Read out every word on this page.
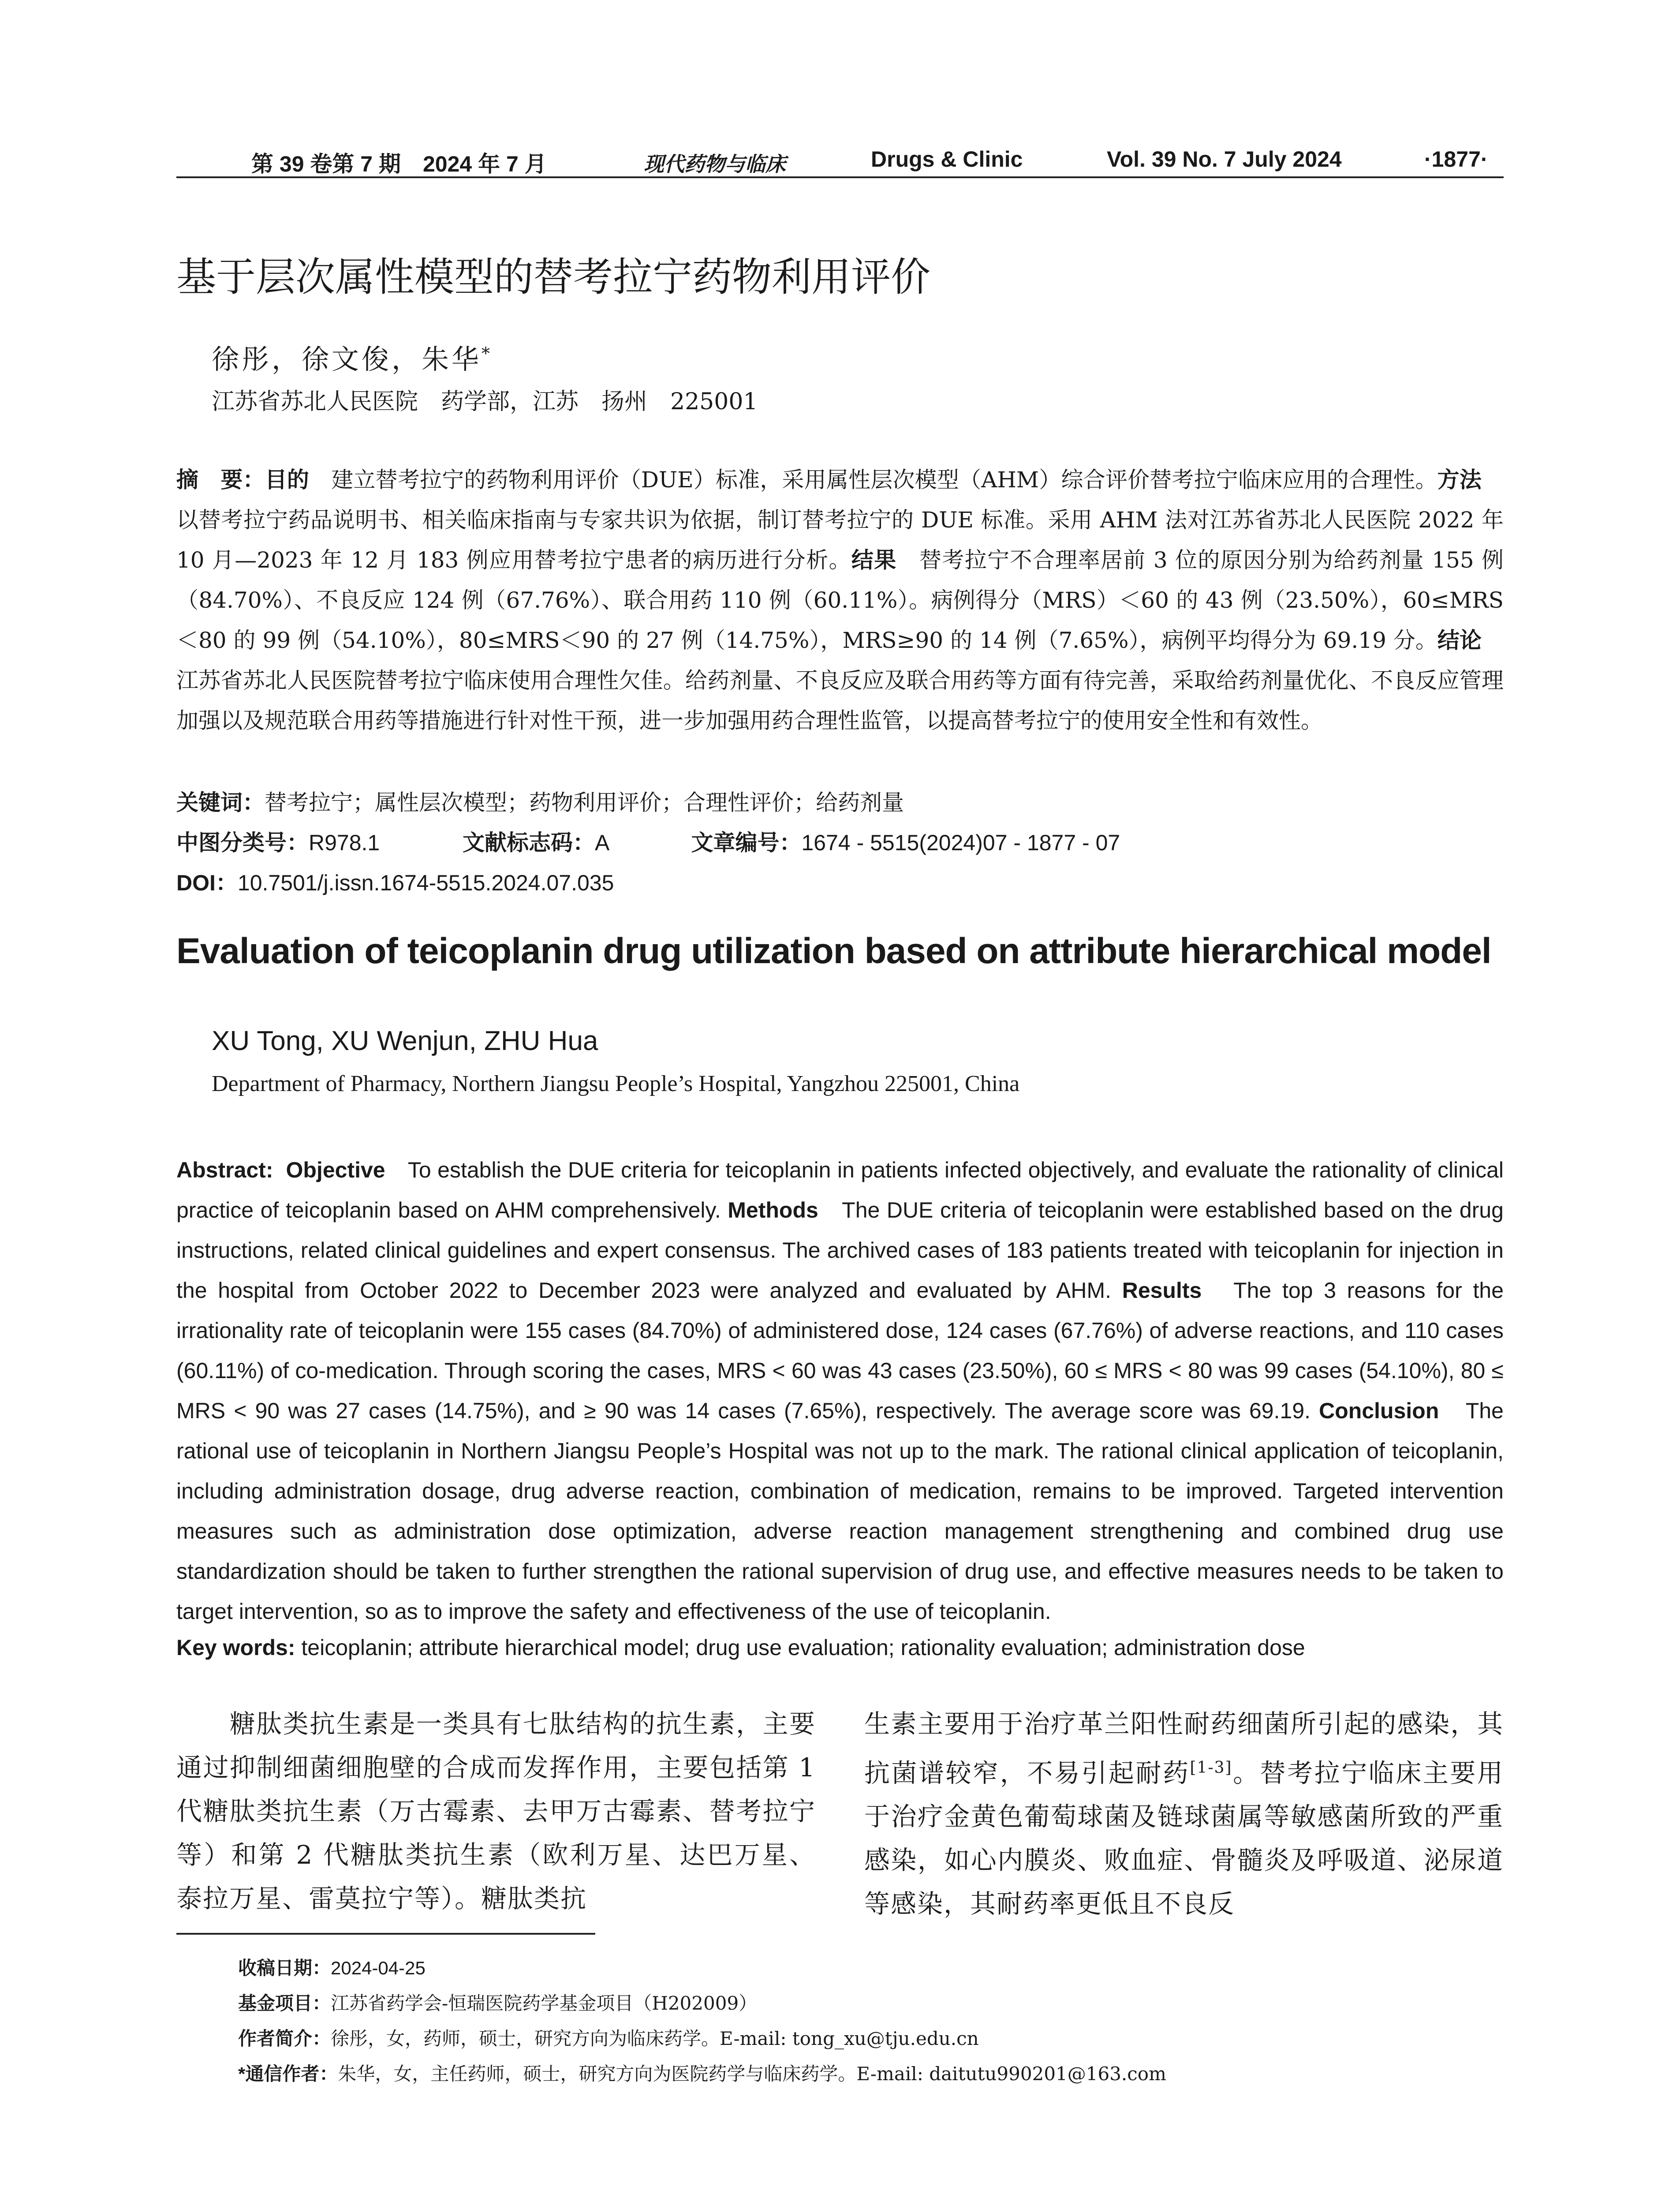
第 39 卷第 7 期　2024 年 7 月	现代药物与临床	Drugs & Clinic	Vol. 39 No. 7 July 2024	·1877·
基于层次属性模型的替考拉宁药物利用评价
徐彤，徐文俊，朱华*
江苏省苏北人民医院　药学部，江苏　扬州　225001
摘　要：目的　建立替考拉宁的药物利用评价（DUE）标准，采用属性层次模型（AHM）综合评价替考拉宁临床应用的合理性。方法　以替考拉宁药品说明书、相关临床指南与专家共识为依据，制订替考拉宁的 DUE 标准。采用 AHM 法对江苏省苏北人民医院 2022 年 10 月—2023 年 12 月 183 例应用替考拉宁患者的病历进行分析。结果　替考拉宁不合理率居前 3 位的原因分别为给药剂量 155 例（84.70%）、不良反应 124 例（67.76%）、联合用药 110 例（60.11%）。病例得分（MRS）＜60 的 43 例（23.50%），60≤MRS＜80 的 99 例（54.10%），80≤MRS＜90 的 27 例（14.75%），MRS≥90 的 14 例（7.65%），病例平均得分为 69.19 分。结论　江苏省苏北人民医院替考拉宁临床使用合理性欠佳。给药剂量、不良反应及联合用药等方面有待完善，采取给药剂量优化、不良反应管理加强以及规范联合用药等措施进行针对性干预，进一步加强用药合理性监管，以提高替考拉宁的使用安全性和有效性。
关键词：替考拉宁；属性层次模型；药物利用评价；合理性评价；给药剂量
中图分类号：R978.1	文献标志码：A	文章编号：1674 - 5515(2024)07 - 1877 - 07
DOI：10.7501/j.issn.1674-5515.2024.07.035
Evaluation of teicoplanin drug utilization based on attribute hierarchical model
XU Tong, XU Wenjun, ZHU Hua
Department of Pharmacy, Northern Jiangsu People’s Hospital, Yangzhou 225001, China
Abstract: Objective　To establish the DUE criteria for teicoplanin in patients infected objectively, and evaluate the rationality of clinical practice of teicoplanin based on AHM comprehensively. Methods　The DUE criteria of teicoplanin were established based on the drug instructions, related clinical guidelines and expert consensus. The archived cases of 183 patients treated with teicoplanin for injection in the hospital from October 2022 to December 2023 were analyzed and evaluated by AHM. Results　The top 3 reasons for the irrationality rate of teicoplanin were 155 cases (84.70%) of administered dose, 124 cases (67.76%) of adverse reactions, and 110 cases (60.11%) of co-medication. Through scoring the cases, MRS < 60 was 43 cases (23.50%), 60 ≤ MRS < 80 was 99 cases (54.10%), 80 ≤ MRS < 90 was 27 cases (14.75%), and ≥ 90 was 14 cases (7.65%), respectively. The average score was 69.19. Conclusion　The rational use of teicoplanin in Northern Jiangsu People’s Hospital was not up to the mark. The rational clinical application of teicoplanin, including administration dosage, drug adverse reaction, combination of medication, remains to be improved. Targeted intervention measures such as administration dose optimization, adverse reaction management strengthening and combined drug use standardization should be taken to further strengthen the rational supervision of drug use, and effective measures needs to be taken to target intervention, so as to improve the safety and effectiveness of the use of teicoplanin.
Key words: teicoplanin; attribute hierarchical model; drug use evaluation; rationality evaluation; administration dose
　　糖肽类抗生素是一类具有七肽结构的抗生素，主要通过抑制细菌细胞壁的合成而发挥作用，主要包括第 1 代糖肽类抗生素（万古霉素、去甲万古霉素、替考拉宁等）和第 2 代糖肽类抗生素（欧利万星、达巴万星、泰拉万星、雷莫拉宁等）。糖肽类抗
生素主要用于治疗革兰阳性耐药细菌所引起的感染，其抗菌谱较窄，不易引起耐药[1-3]。替考拉宁临床主要用于治疗金黄色葡萄球菌及链球菌属等敏感菌所致的严重感染，如心内膜炎、败血症、骨髓炎及呼吸道、泌尿道等感染，其耐药率更低且不良反
收稿日期：2024-04-25
基金项目：江苏省药学会-恒瑞医院药学基金项目（H202009）
作者简介：徐彤，女，药师，硕士，研究方向为临床药学。E-mail: tong_xu@tju.edu.cn
*通信作者：朱华，女，主任药师，硕士，研究方向为医院药学与临床药学。E-mail: daitutu990201@163.com
